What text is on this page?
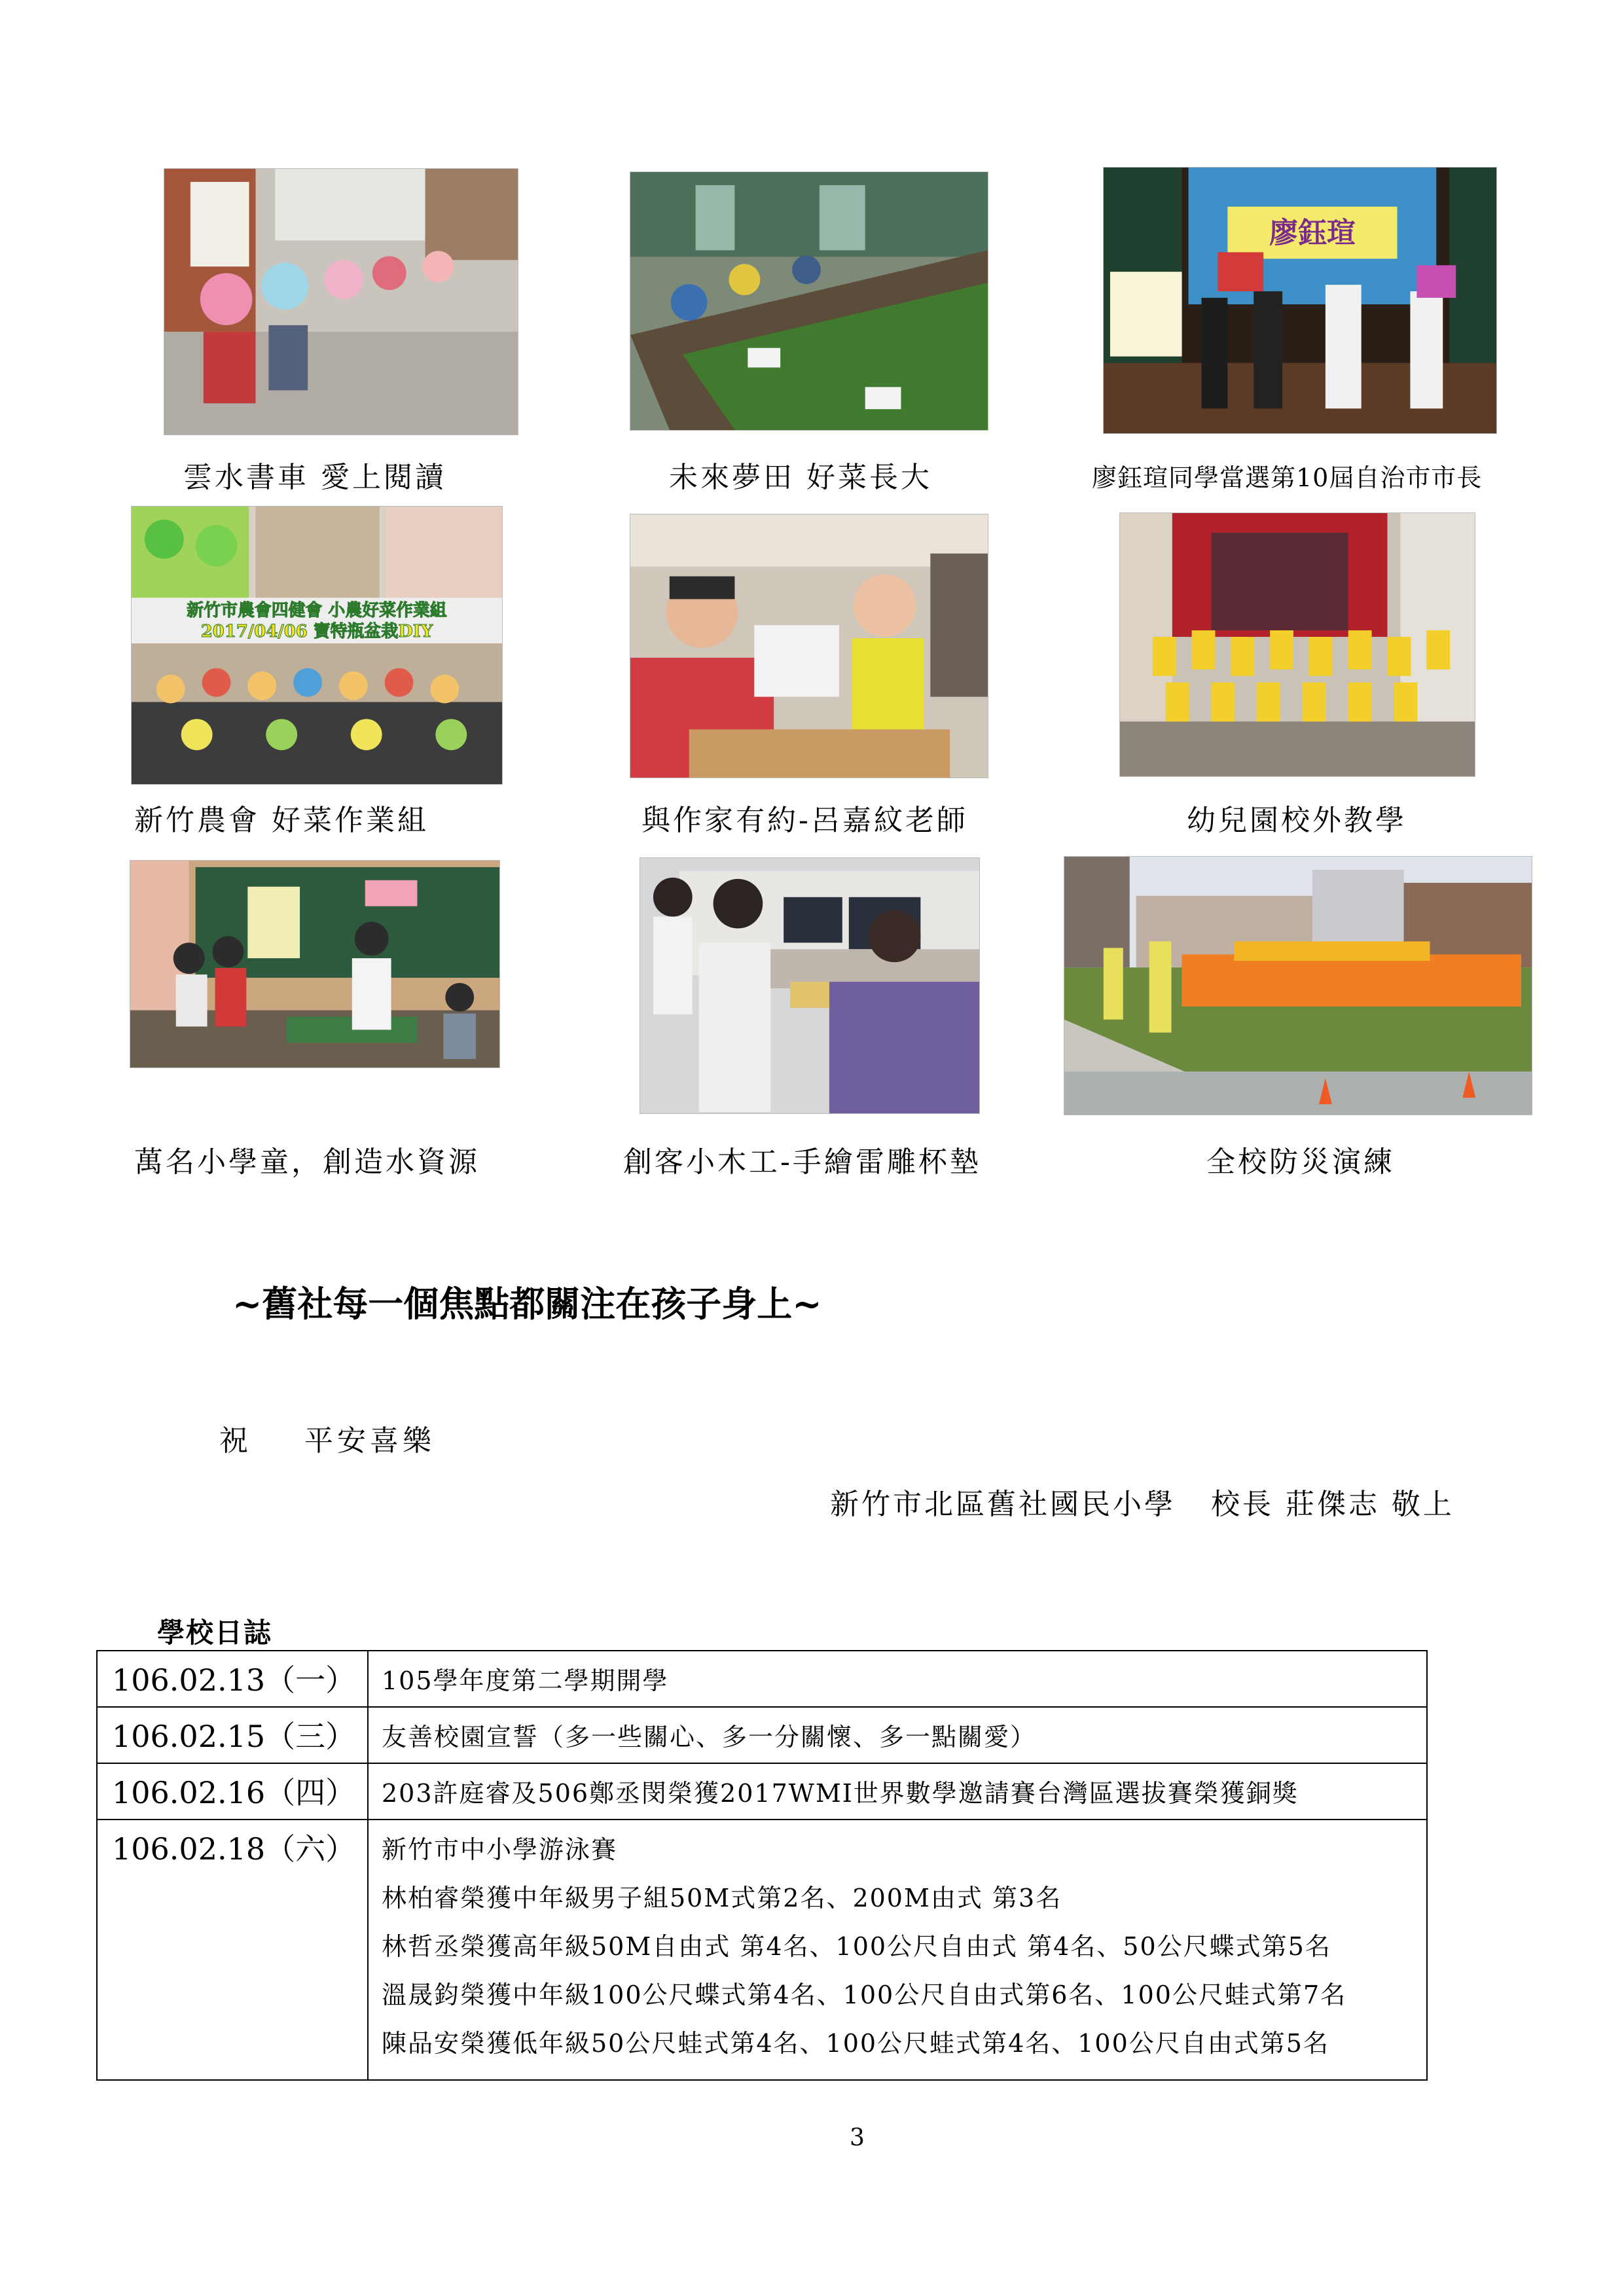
廖鈺瑄
雲水書車 愛上閱讀	未來夢田 好菜長大	廖鈺瑄同學當選第10屆自治市市長
新竹市農會四健會 小農好菜作業組
2017/04/06 寶特瓶盆栽DIY
新竹農會 好菜作業組	與作家有約-呂嘉紋老師	幼兒園校外教學
萬名小學童，創造水資源	創客小木工-手繪雷雕杯墊	全校防災演練
~舊社每一個焦點都關注在孩子身上~
祝    平安喜樂
新竹市北區舊社國民小學   校長 莊傑志 敬上
學校日誌
106.02.13（一）	105學年度第二學期開學

106.02.15（三）	友善校園宣誓（多一些關心、多一分關懷、多一點關愛）

106.02.16（四）	203許庭睿及506鄭丞閔榮獲2017WMI世界數學邀請賽台灣區選拔賽榮獲銅獎

106.02.18（六）	新竹市中小學游泳賽
林柏睿榮獲中年級男子組50M式第2名、200M由式 第3名
林哲丞榮獲高年級50M自由式 第4名、100公尺自由式 第4名、50公尺蝶式第5名
溫晟鈞榮獲中年級100公尺蝶式第4名、100公尺自由式第6名、100公尺蛙式第7名
陳品安榮獲低年級50公尺蛙式第4名、100公尺蛙式第4名、100公尺自由式第5名
3
